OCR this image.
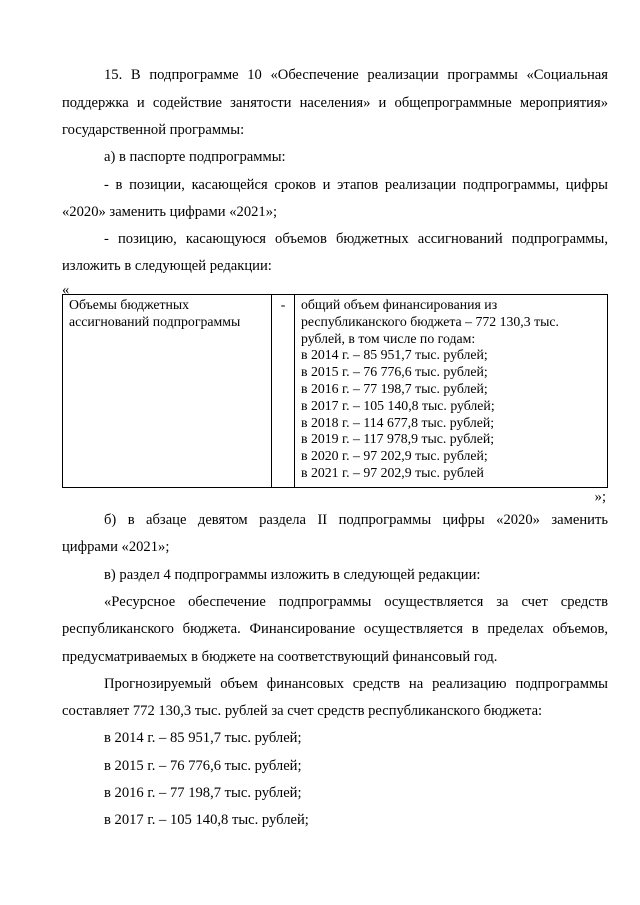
15. В подпрограмме 10 «Обеспечение реализации программы «Социальная
поддержка и содействие занятости населения» и общепрограммные мероприятия»
государственной программы:
а) в паспорте подпрограммы:
- в позиции, касающейся сроков и этапов реализации подпрограммы, цифры
«2020» заменить цифрами «2021»;
- позицию, касающуюся объемов бюджетных ассигнований подпрограммы,
изложить в следующей редакции:
«
Объемы бюджетных
ассигнований подпрограммы
	-	общий объем финансирования из
республиканского бюджета – 772 130,3 тыс.
рублей, в том числе по годам:
в 2014 г. – 85 951,7 тыс. рублей;
в 2015 г. – 76 776,6 тыс. рублей;
в 2016 г. – 77 198,7 тыс. рублей;
в 2017 г. – 105 140,8 тыс. рублей;
в 2018 г. – 114 677,8 тыс. рублей;
в 2019 г. – 117 978,9 тыс. рублей;
в 2020 г. – 97 202,9 тыс. рублей;
в 2021 г. – 97 202,9 тыс. рублей
»;
б) в абзаце девятом раздела II подпрограммы цифры «2020» заменить
цифрами «2021»;
в) раздел 4 подпрограммы изложить в следующей редакции:
«Ресурсное обеспечение подпрограммы осуществляется за счет средств
республиканского бюджета. Финансирование осуществляется в пределах объемов,
предусматриваемых в бюджете на соответствующий финансовый год.
Прогнозируемый объем финансовых средств на реализацию подпрограммы
составляет 772 130,3 тыс. рублей за счет средств республиканского бюджета:
в 2014 г. – 85 951,7 тыс. рублей;
в 2015 г. – 76 776,6 тыс. рублей;
в 2016 г. – 77 198,7 тыс. рублей;
в 2017 г. – 105 140,8 тыс. рублей;
